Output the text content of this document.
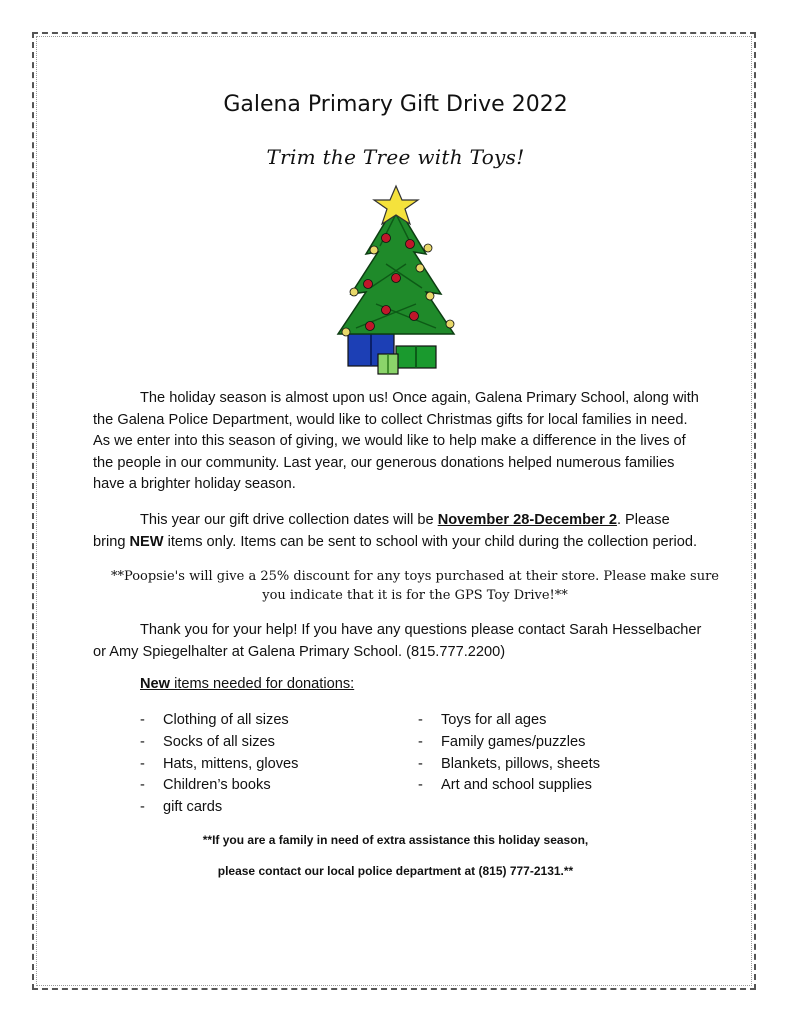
Galena Primary Gift Drive 2022
Trim the Tree with Toys!

The holiday season is almost upon us! Once again, Galena Primary School, along with the Galena Police Department, would like to collect Christmas gifts for local families in need. As we enter into this season of giving, we would like to help make a difference in the lives of the people in our community. Last year, our generous donations helped numerous families have a brighter holiday season.

This year our gift drive collection dates will be November 28-December 2. Please bring NEW items only. Items can be sent to school with your child during the collection period.

**Poopsie's will give a 25% discount for any toys purchased at their store. Please make sure you indicate that it is for the GPS Toy Drive!**

Thank you for your help! If you have any questions please contact Sarah Hesselbacher or Amy Spiegelhalter at Galena Primary School. (815.777.2200)

New items needed for donations:
-	Clothing of all sizes
-	Socks of all sizes
-	Hats, mittens, gloves
-	Children’s books
-	gift cards
-	Toys for all ages
-	Family games/puzzles
-	Blankets, pillows, sheets
-	Art and school supplies
**If you are a family in need of extra assistance this holiday season,
please contact our local police department at (815) 777-2131.**
